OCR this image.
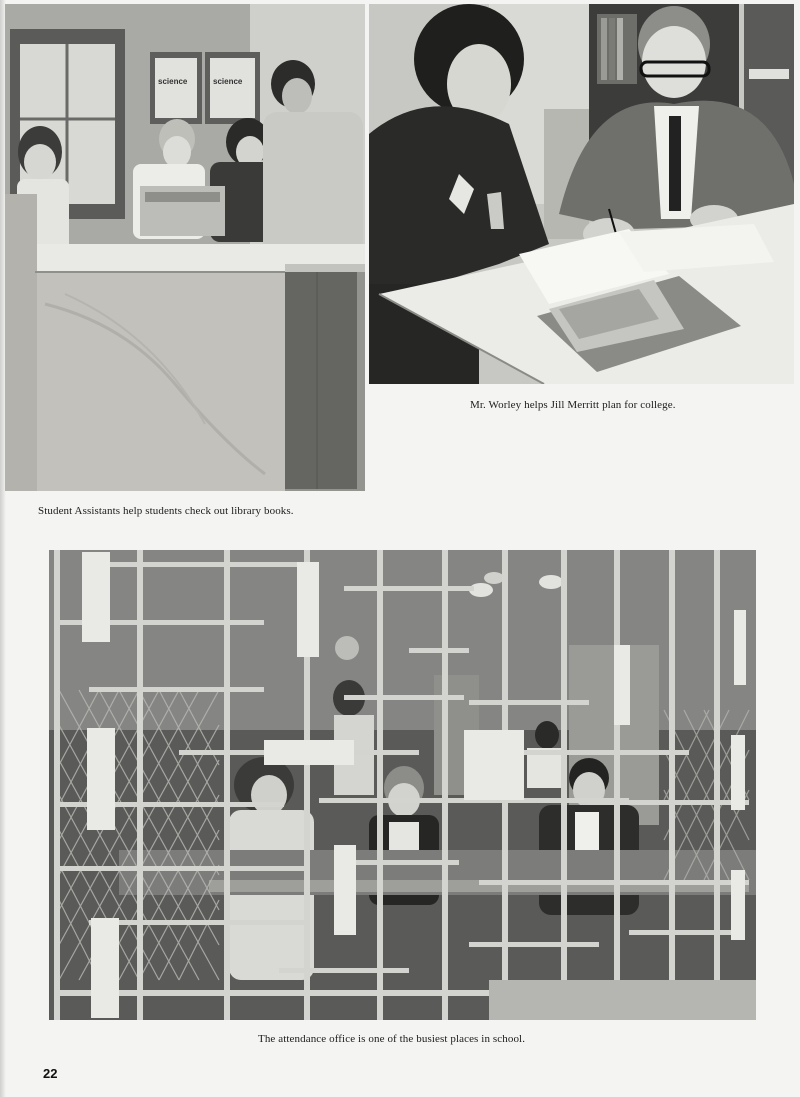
science	science
Student Assistants help students check out library books.
Mr. Worley helps Jill Merritt plan for college.
The attendance office is one of the busiest places in school.
22
